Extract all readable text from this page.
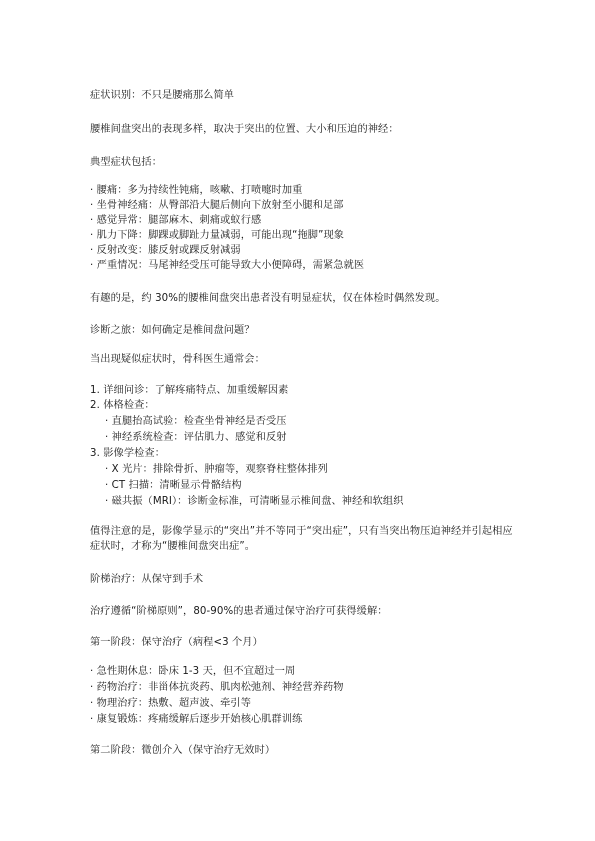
症状识别：不只是腰痛那么简单
腰椎间盘突出的表现多样，取决于突出的位置、大小和压迫的神经：
典型症状包括：
· 腰痛：多为持续性钝痛，咳嗽、打喷嚏时加重
· 坐骨神经痛：从臀部沿大腿后侧向下放射至小腿和足部
· 感觉异常：腿部麻木、刺痛或蚁行感
· 肌力下降：脚踝或脚趾力量减弱，可能出现“拖脚”现象
· 反射改变：膝反射或踝反射减弱
· 严重情况：马尾神经受压可能导致大小便障碍，需紧急就医
有趣的是，约 30%的腰椎间盘突出患者没有明显症状，仅在体检时偶然发现。
诊断之旅：如何确定是椎间盘问题？
当出现疑似症状时，骨科医生通常会：
1. 详细问诊：了解疼痛特点、加重缓解因素
2. 体格检查：
· 直腿抬高试验：检查坐骨神经是否受压
· 神经系统检查：评估肌力、感觉和反射
3. 影像学检查：
· X 光片：排除骨折、肿瘤等，观察脊柱整体排列
· CT 扫描：清晰显示骨骼结构
· 磁共振（MRI）：诊断金标准，可清晰显示椎间盘、神经和软组织
值得注意的是，影像学显示的“突出”并不等同于“突出症”，只有当突出物压迫神经并引起相应症状时，才称为“腰椎间盘突出症”。
阶梯治疗：从保守到手术
治疗遵循“阶梯原则”，80-90%的患者通过保守治疗可获得缓解：
第一阶段：保守治疗（病程<3 个月）
· 急性期休息：卧床 1-3 天，但不宜超过一周
· 药物治疗：非甾体抗炎药、肌肉松弛剂、神经营养药物
· 物理治疗：热敷、超声波、牵引等
· 康复锻炼：疼痛缓解后逐步开始核心肌群训练
第二阶段：微创介入（保守治疗无效时）
